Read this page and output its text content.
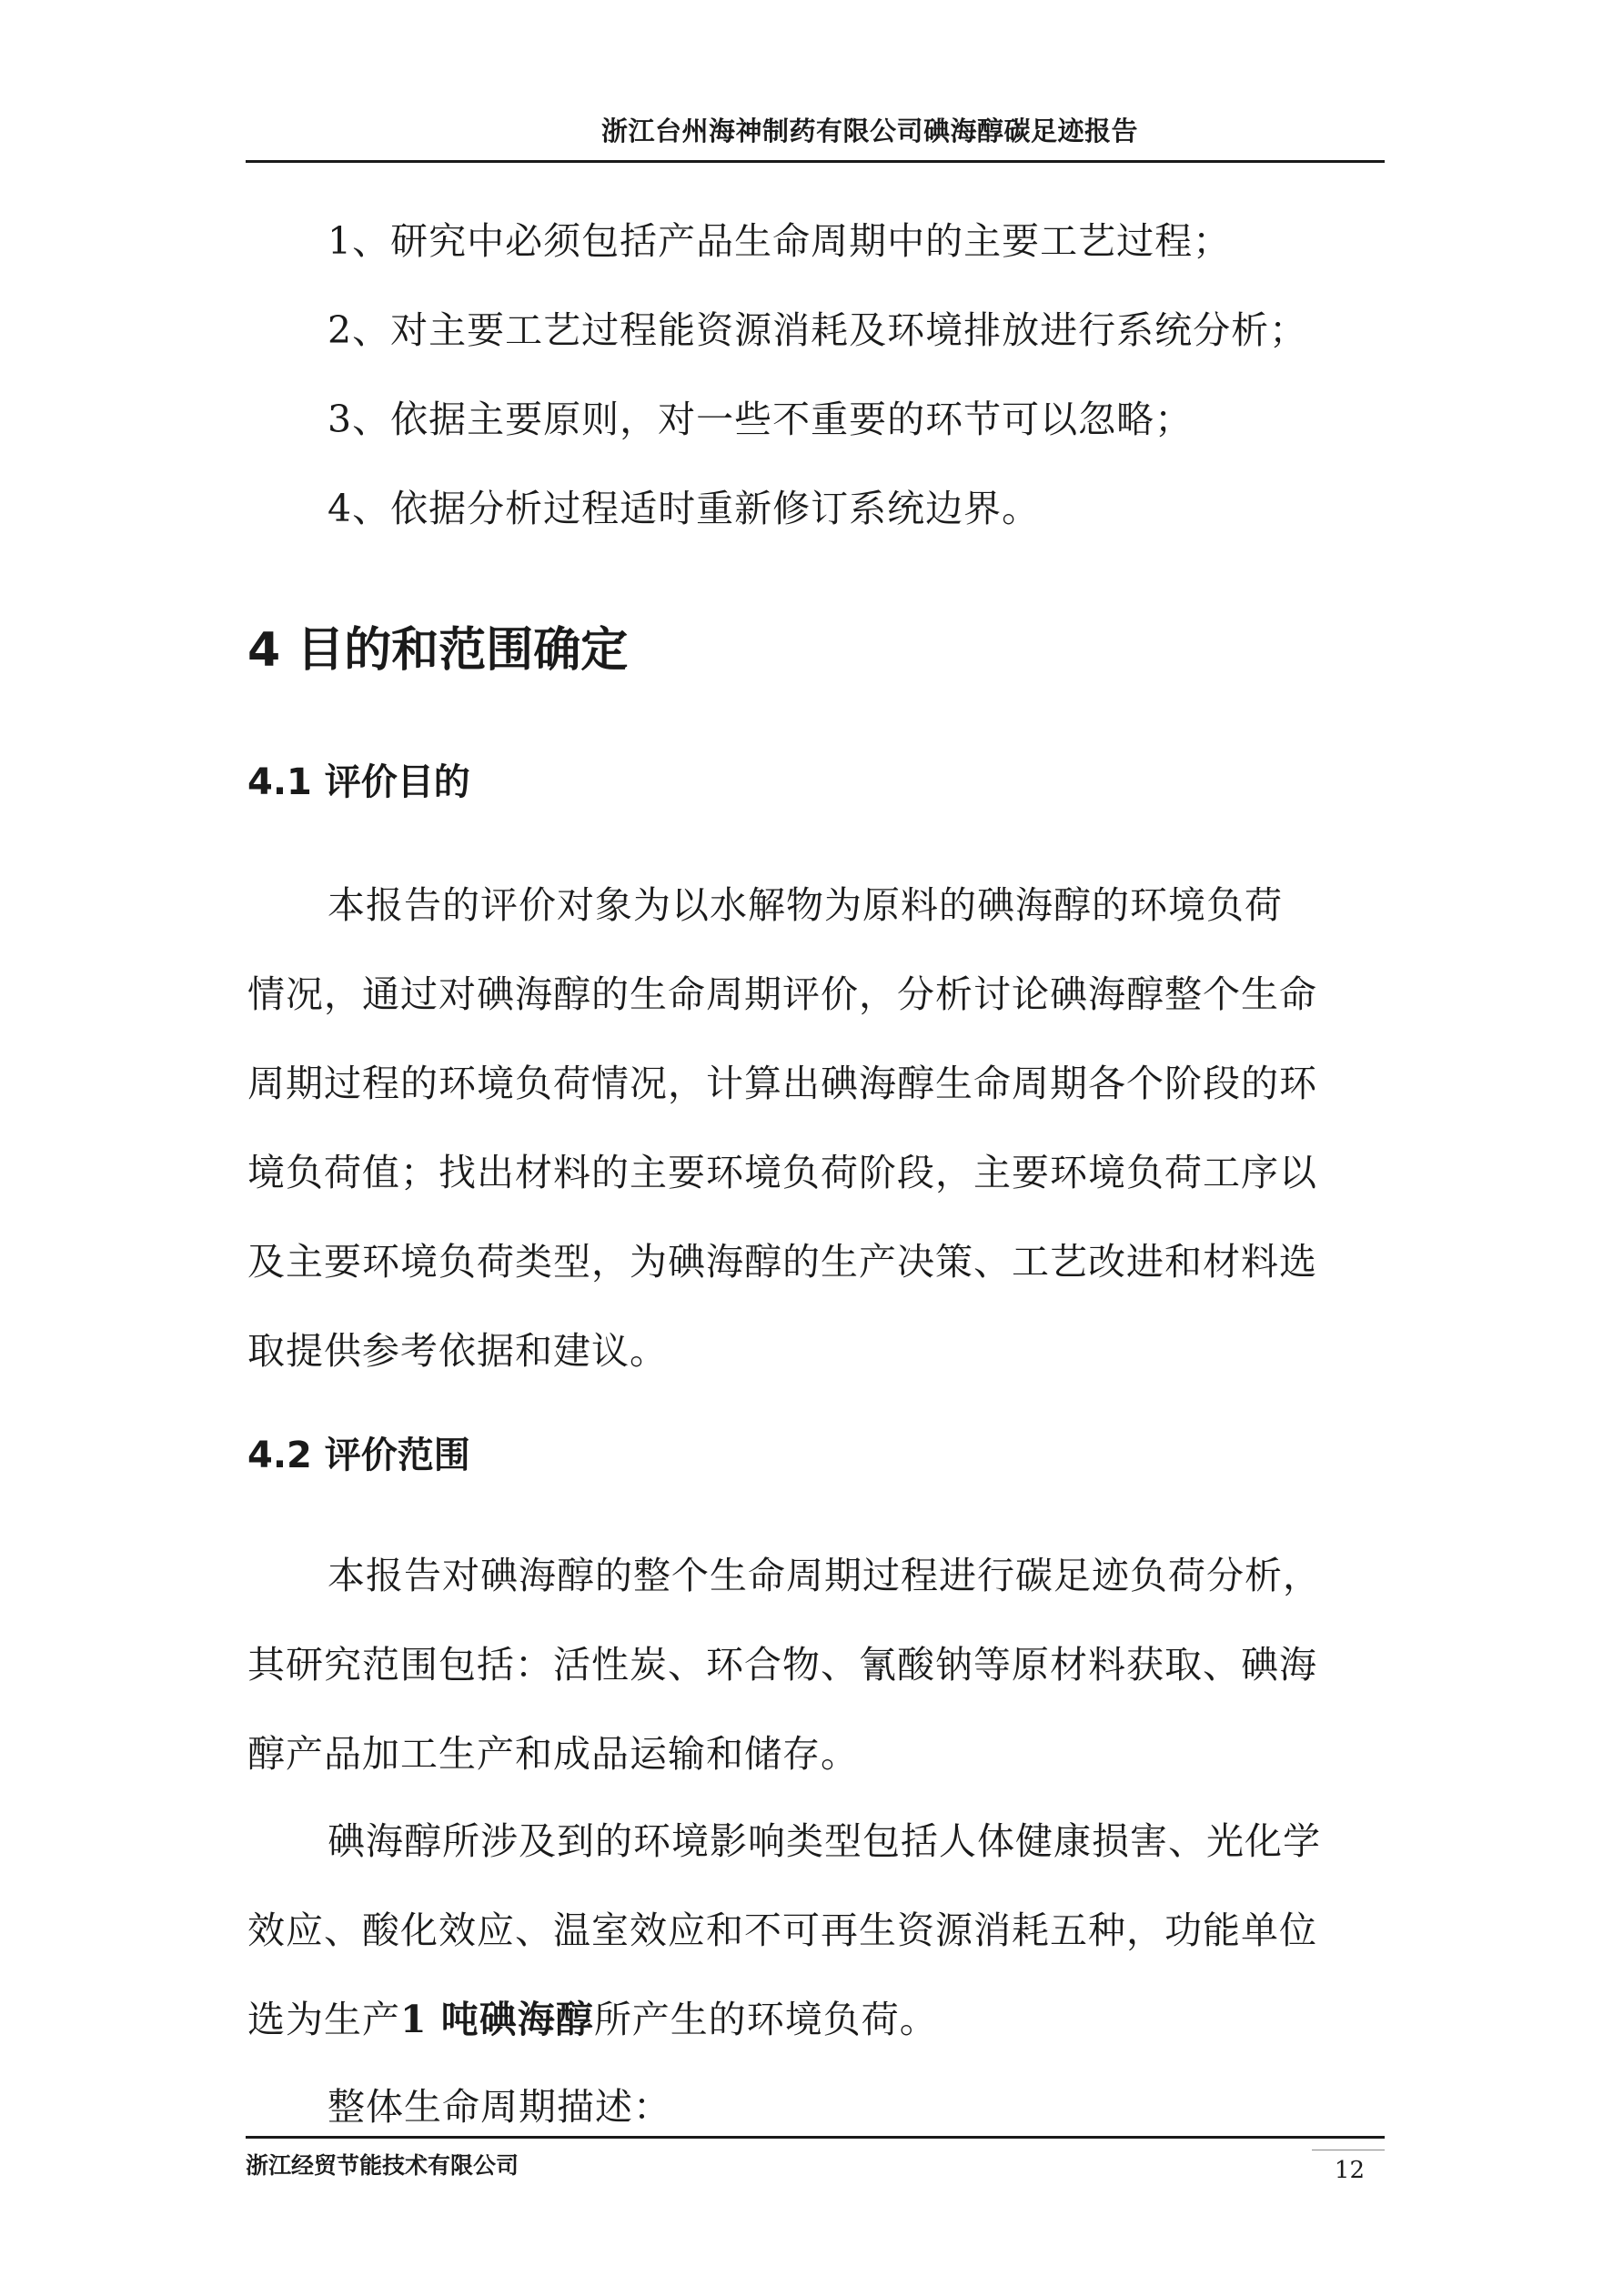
浙江台州海神制药有限公司碘海醇碳足迹报告
1、研究中必须包括产品生命周期中的主要工艺过程；
2、对主要工艺过程能资源消耗及环境排放进行系统分析；
3、依据主要原则，对一些不重要的环节可以忽略；
4、依据分析过程适时重新修订系统边界。
4 目的和范围确定
4.1 评价目的
本报告的评价对象为以水解物为原料的碘海醇的环境负荷
情况，通过对碘海醇的生命周期评价，分析讨论碘海醇整个生命
周期过程的环境负荷情况，计算出碘海醇生命周期各个阶段的环
境负荷值；找出材料的主要环境负荷阶段，主要环境负荷工序以
及主要环境负荷类型，为碘海醇的生产决策、工艺改进和材料选
取提供参考依据和建议。
4.2 评价范围
本报告对碘海醇的整个生命周期过程进行碳足迹负荷分析，
其研究范围包括：活性炭、环合物、氰酸钠等原材料获取、碘海
醇产品加工生产和成品运输和储存。
碘海醇所涉及到的环境影响类型包括人体健康损害、光化学
效应、酸化效应、温室效应和不可再生资源消耗五种，功能单位
选为生产1 吨碘海醇所产生的环境负荷。
整体生命周期描述：
浙江经贸节能技术有限公司	12
